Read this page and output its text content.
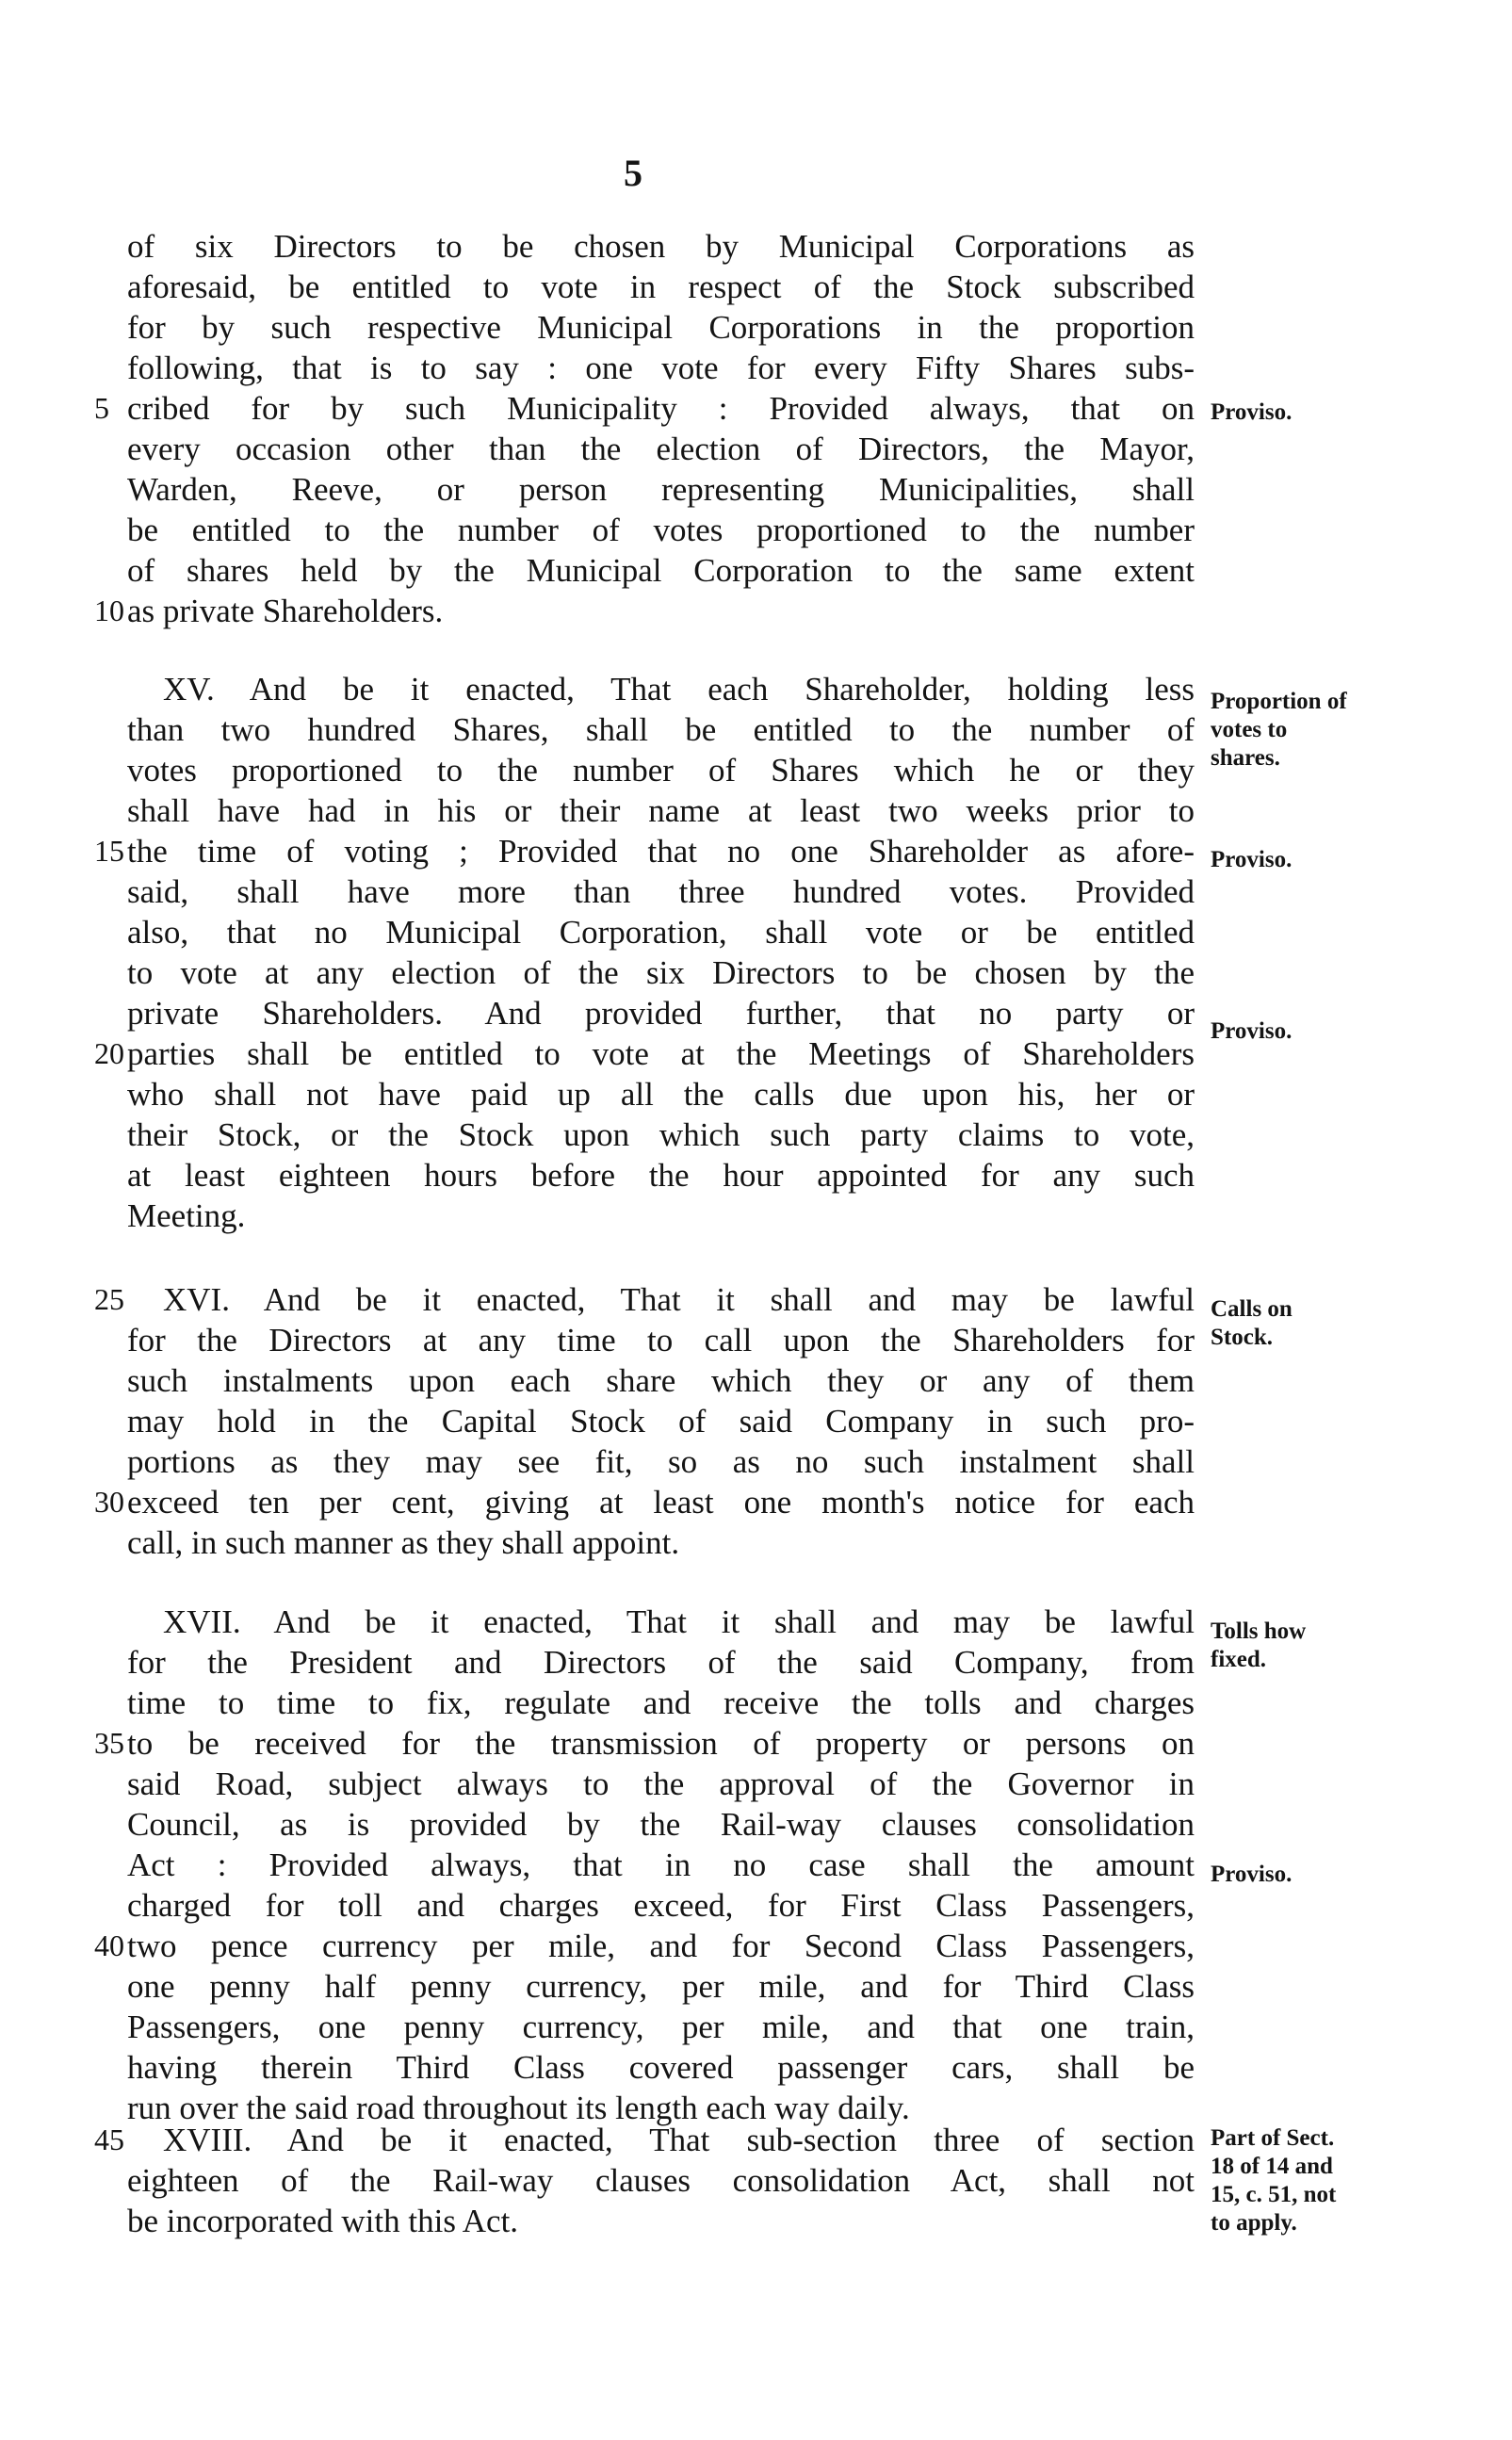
5
of six Directors to be chosen by Municipal Corporations as
aforesaid, be entitled to vote in respect of the Stock subscribed
for by such respective Municipal Corporations in the proportion
following, that is to say : one vote for every Fifty Shares subs-
cribed for by such Municipality : Provided always, that on
5
every occasion other than the election of Directors, the Mayor,
Warden, Reeve, or person representing Municipalities, shall
be entitled to the number of votes proportioned to the number
of shares held by the Municipal Corporation to the same extent
as private Shareholders.
10
XV. And be it enacted, That each Shareholder, holding less
than two hundred Shares, shall be entitled to the number of
votes proportioned to the number of Shares which he or they
shall have had in his or their name at least two weeks prior to
the time of voting ; Provided that no one Shareholder as afore-
15
said, shall have more than three hundred votes. Provided
also, that no Municipal Corporation, shall vote or be entitled
to vote at any election of the six Directors to be chosen by the
private Shareholders. And provided further, that no party or
parties shall be entitled to vote at the Meetings of Shareholders
20
who shall not have paid up all the calls due upon his, her or
their Stock, or the Stock upon which such party claims to vote,
at least eighteen hours before the hour appointed for any such
Meeting.
XVI. And be it enacted, That it shall and may be lawful
25
for the Directors at any time to call upon the Shareholders for
such instalments upon each share which they or any of them
may hold in the Capital Stock of said Company in such pro-
portions as they may see fit, so as no such instalment shall
exceed ten per cent, giving at least one month's notice for each
30
call, in such manner as they shall appoint.
XVII. And be it enacted, That it shall and may be lawful
for the President and Directors of the said Company, from
time to time to fix, regulate and receive the tolls and charges
to be received for the transmission of property or persons on
35
said Road, subject always to the approval of the Governor in
Council, as is provided by the Rail-way clauses consolidation
Act : Provided always, that in no case shall the amount
charged for toll and charges exceed, for First Class Passengers,
two pence currency per mile, and for Second Class Passengers,
40
one penny half penny currency, per mile, and for Third Class
Passengers, one penny currency, per mile, and that one train,
having therein Third Class covered passenger cars, shall be
run over the said road throughout its length each way daily.
XVIII. And be it enacted, That sub-section three of section
45
eighteen of the Rail-way clauses consolidation Act, shall not
be incorporated with this Act.
Proviso.
Proportion of
votes to
shares.
Proviso.
Proviso.
Calls on
Stock.
Tolls how
fixed.
Proviso.
Part of Sect.
18 of 14 and
15, c. 51, not
to apply.
